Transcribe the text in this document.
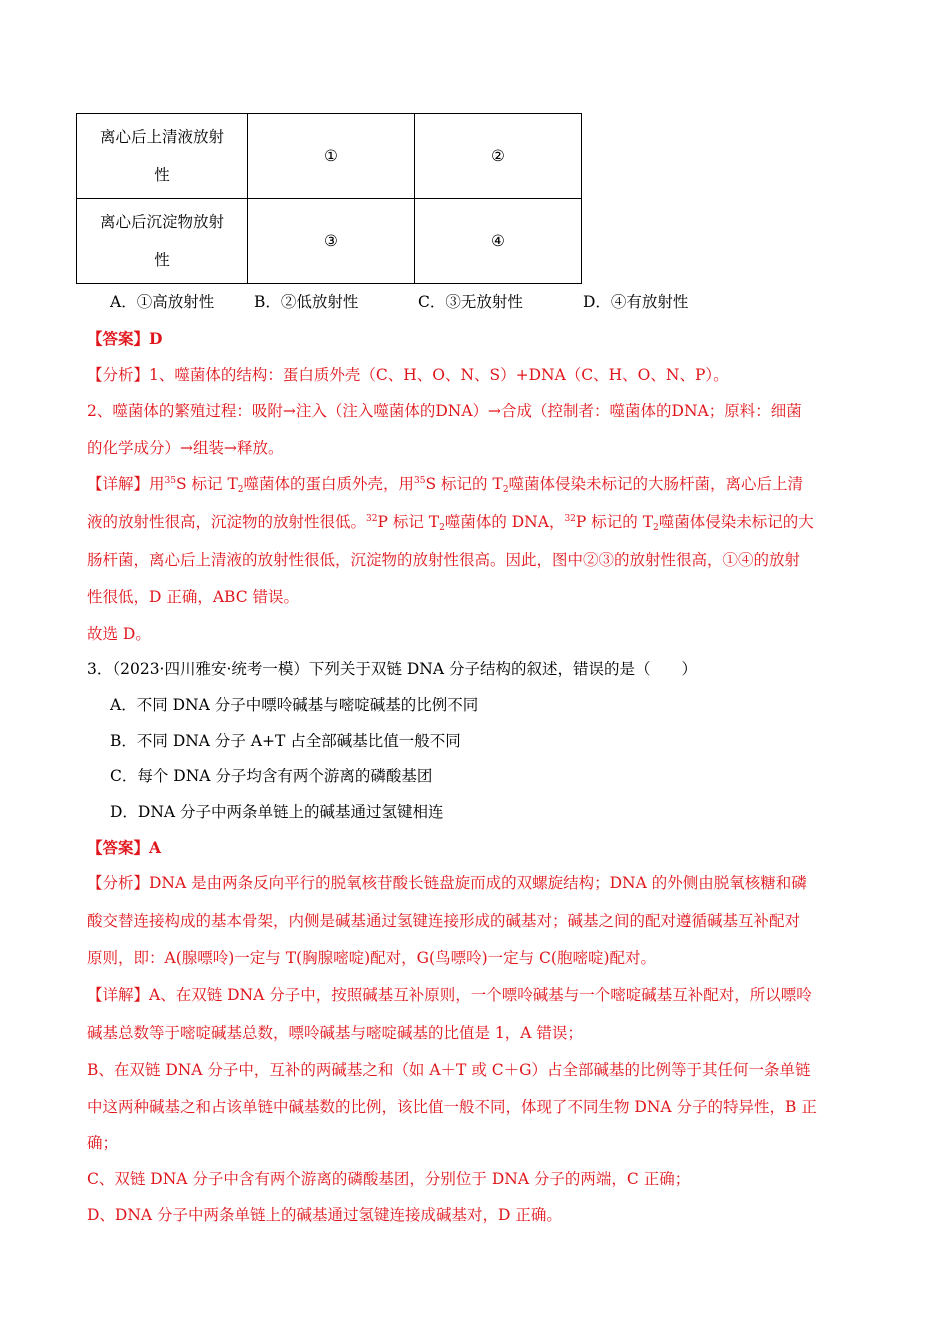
离心后上清液放射性	①	②

离心后沉淀物放射性	③	④
A．①高放射性	B．②低放射性	C．③无放射性	D．④有放射性
【答案】D
【分析】1、噬菌体的结构：蛋白质外壳（C、H、O、N、S）+DNA（C、H、O、N、P）。
2、噬菌体的繁殖过程：吸附→注入（注入噬菌体的DNA）→合成（控制者：噬菌体的DNA；原料：细菌
的化学成分）→组装→释放。
【详解】用$^{35}$S 标记 $T_2$噬菌体的蛋白质外壳，用$^{35}$S 标记的 $T_2$噬菌体侵染未标记的大肠杆菌，离心后上清
液的放射性很高，沉淀物的放射性很低。$^{32}$P 标记 $T_2$噬菌体的 DNA，$^{32}$P 标记的 $T_2$噬菌体侵染未标记的大
肠杆菌，离心后上清液的放射性很低，沉淀物的放射性很高。因此，图中②③的放射性很高，①④的放射
性很低，D 正确，ABC 错误。
故选 D。
3．（2023·四川雅安·统考一模）下列关于双链 DNA 分子结构的叙述，错误的是（　　）
A．不同 DNA 分子中嘌呤碱基与嘧啶碱基的比例不同
B．不同 DNA 分子 A+T 占全部碱基比值一般不同
C．每个 DNA 分子均含有两个游离的磷酸基团
D．DNA 分子中两条单链上的碱基通过氢键相连
【答案】A
【分析】DNA 是由两条反向平行的脱氧核苷酸长链盘旋而成的双螺旋结构；DNA 的外侧由脱氧核糖和磷
酸交替连接构成的基本骨架，内侧是碱基通过氢键连接形成的碱基对；碱基之间的配对遵循碱基互补配对
原则，即：A(腺嘌呤)一定与 T(胸腺嘧啶)配对，G(鸟嘌呤)一定与 C(胞嘧啶)配对。
【详解】A、在双链 DNA 分子中，按照碱基互补原则，一个嘌呤碱基与一个嘧啶碱基互补配对，所以嘌呤
碱基总数等于嘧啶碱基总数，嘌呤碱基与嘧啶碱基的比值是 1，A 错误；
B、在双链 DNA 分子中，互补的两碱基之和（如 A＋T 或 C＋G）占全部碱基的比例等于其任何一条单链
中这两种碱基之和占该单链中碱基数的比例，该比值一般不同，体现了不同生物 DNA 分子的特异性，B 正
确；
C、双链 DNA 分子中含有两个游离的磷酸基团，分别位于 DNA 分子的两端，C 正确；
D、DNA 分子中两条单链上的碱基通过氢键连接成碱基对，D 正确。
